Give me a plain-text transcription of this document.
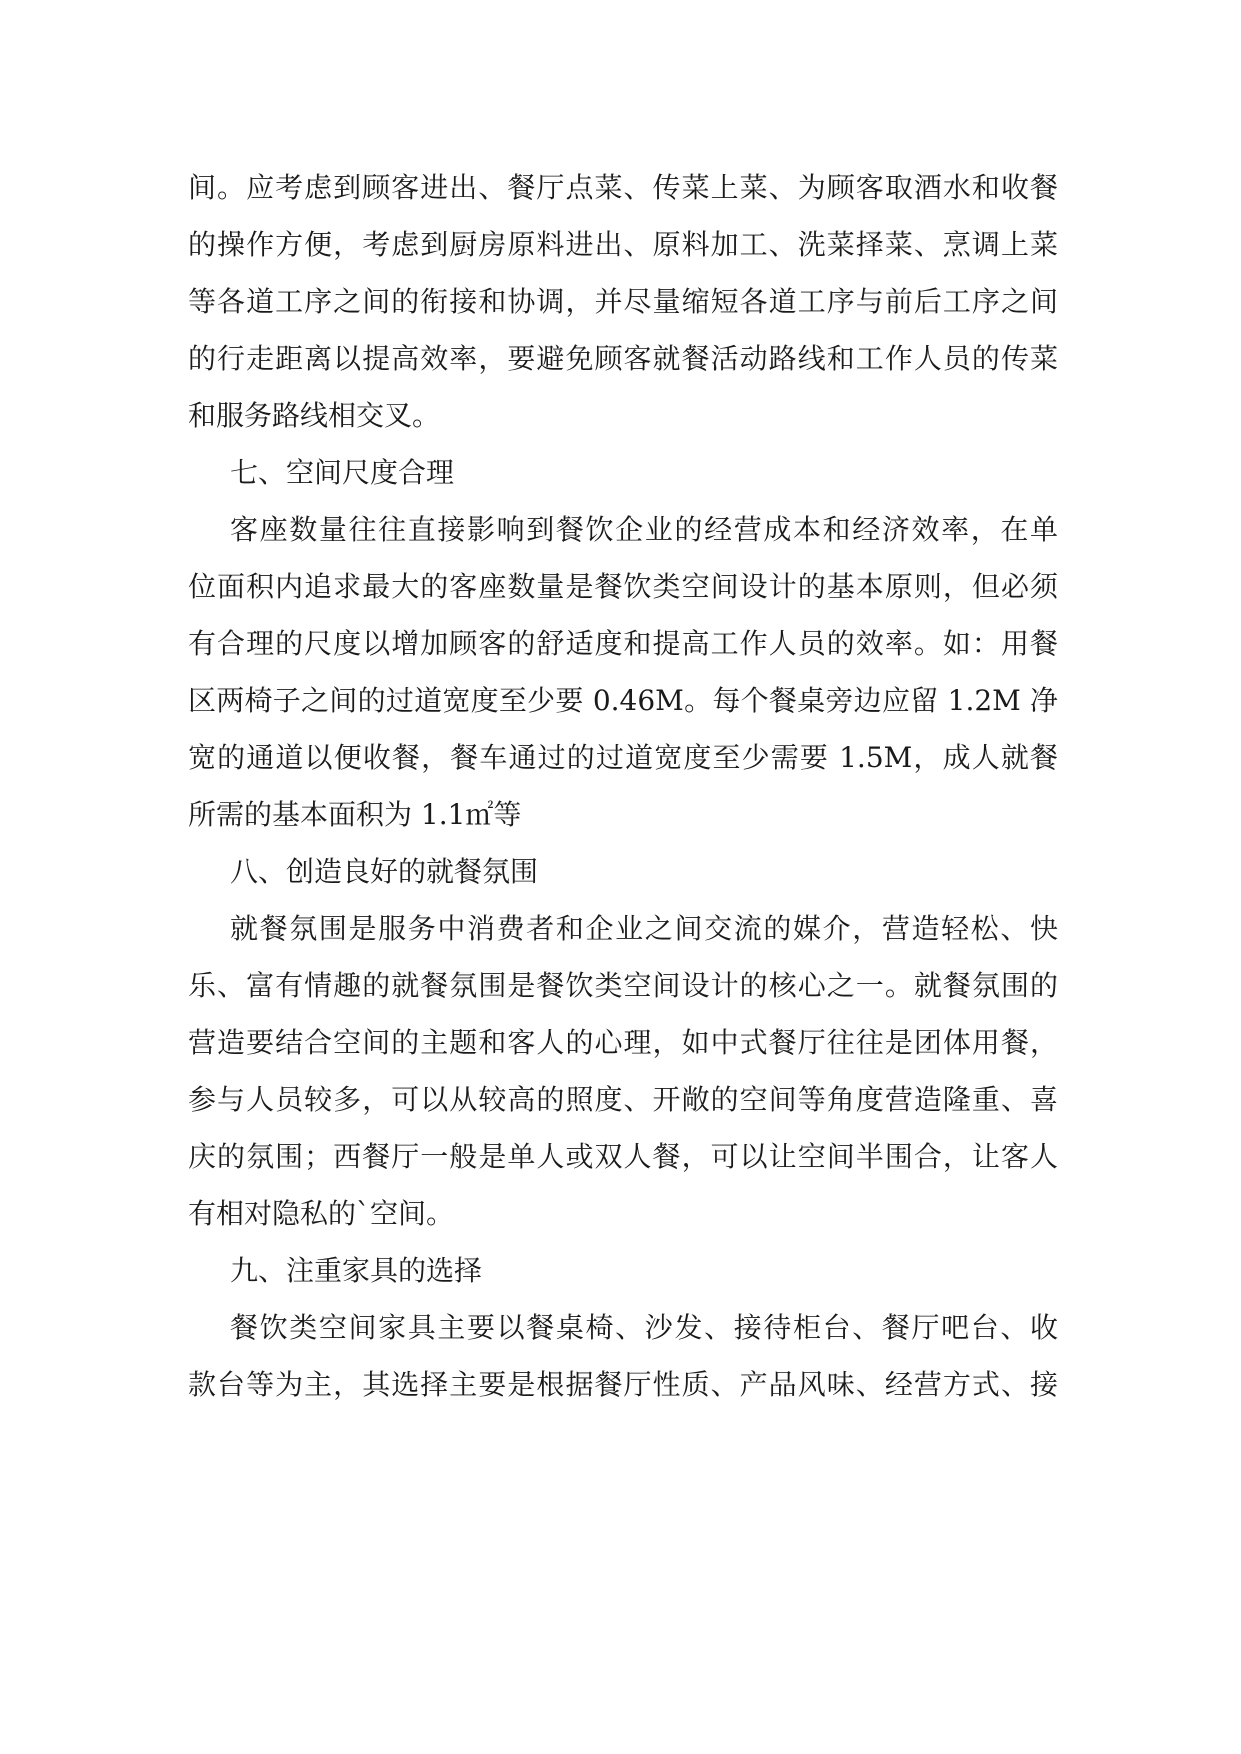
间。应考虑到顾客进出、餐厅点菜、传菜上菜、为顾客取酒水和收餐
的操作方便，考虑到厨房原料进出、原料加工、洗菜择菜、烹调上菜
等各道工序之间的衔接和协调，并尽量缩短各道工序与前后工序之间
的行走距离以提高效率，要避免顾客就餐活动路线和工作人员的传菜
和服务路线相交叉。
七、空间尺度合理
客座数量往往直接影响到餐饮企业的经营成本和经济效率，在单
位面积内追求最大的客座数量是餐饮类空间设计的基本原则，但必须
有合理的尺度以增加顾客的舒适度和提高工作人员的效率。如：用餐
区两椅子之间的过道宽度至少要 0.46M。每个餐桌旁边应留 1.2M 净
宽的通道以便收餐，餐车通过的过道宽度至少需要 1.5M，成人就餐
所需的基本面积为 1.1㎡等
八、创造良好的就餐氛围
就餐氛围是服务中消费者和企业之间交流的媒介，营造轻松、快
乐、富有情趣的就餐氛围是餐饮类空间设计的核心之一。就餐氛围的
营造要结合空间的主题和客人的心理，如中式餐厅往往是团体用餐，
参与人员较多，可以从较高的照度、开敞的空间等角度营造隆重、喜
庆的氛围；西餐厅一般是单人或双人餐，可以让空间半围合，让客人
有相对隐私的`空间。
九、注重家具的选择
餐饮类空间家具主要以餐桌椅、沙发、接待柜台、餐厅吧台、收
款台等为主，其选择主要是根据餐厅性质、产品风味、经营方式、接
